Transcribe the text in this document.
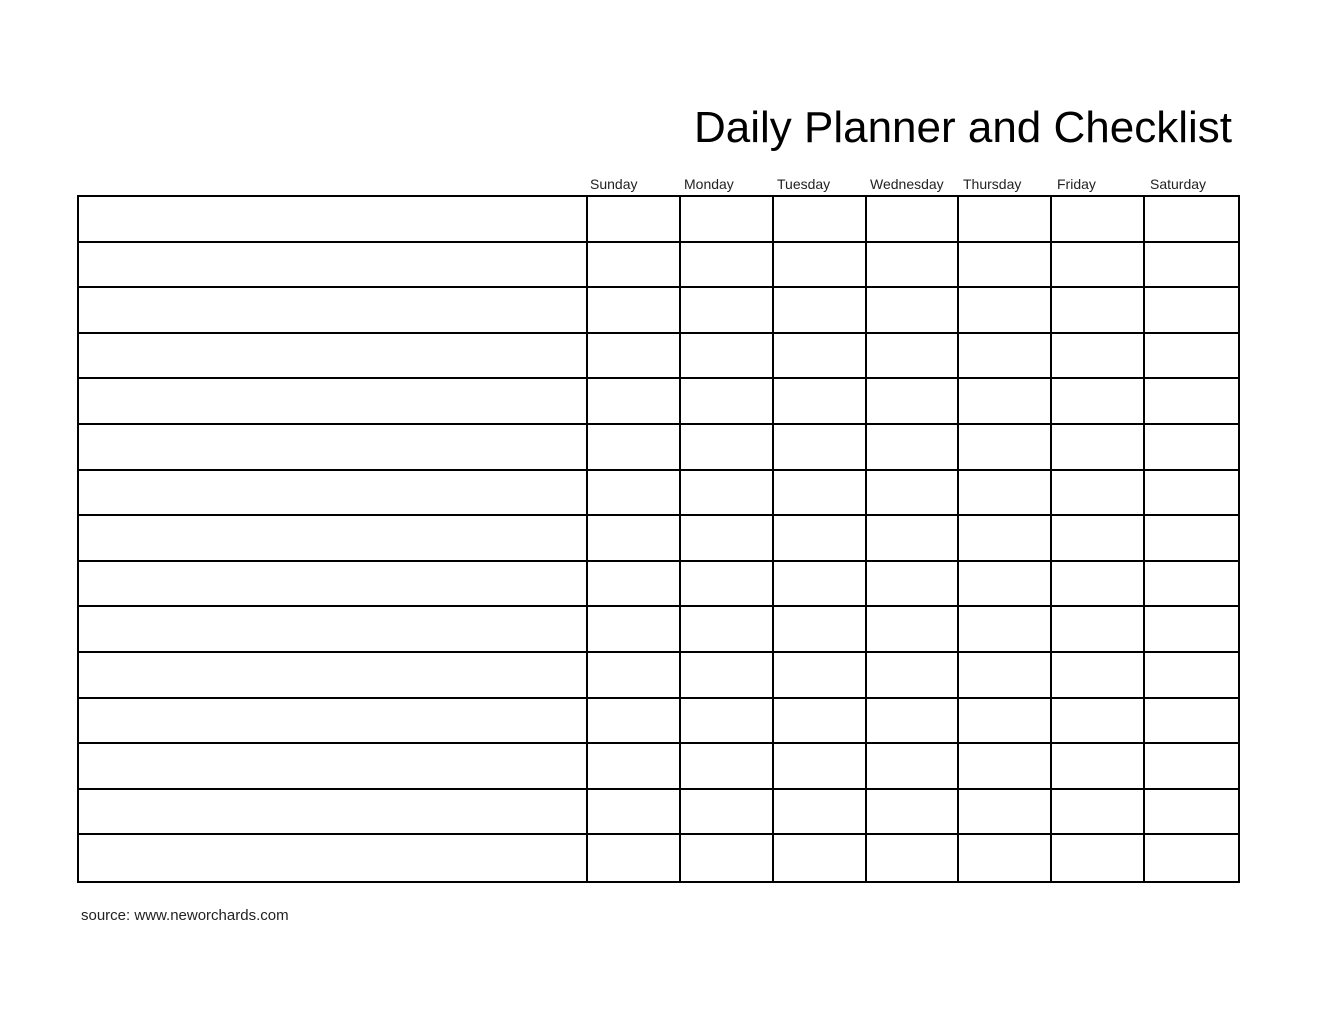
Daily Planner and Checklist
Sunday	Monday	Tuesday	Wednesday Thursday	Friday	Saturday
source: www.neworchards.com
